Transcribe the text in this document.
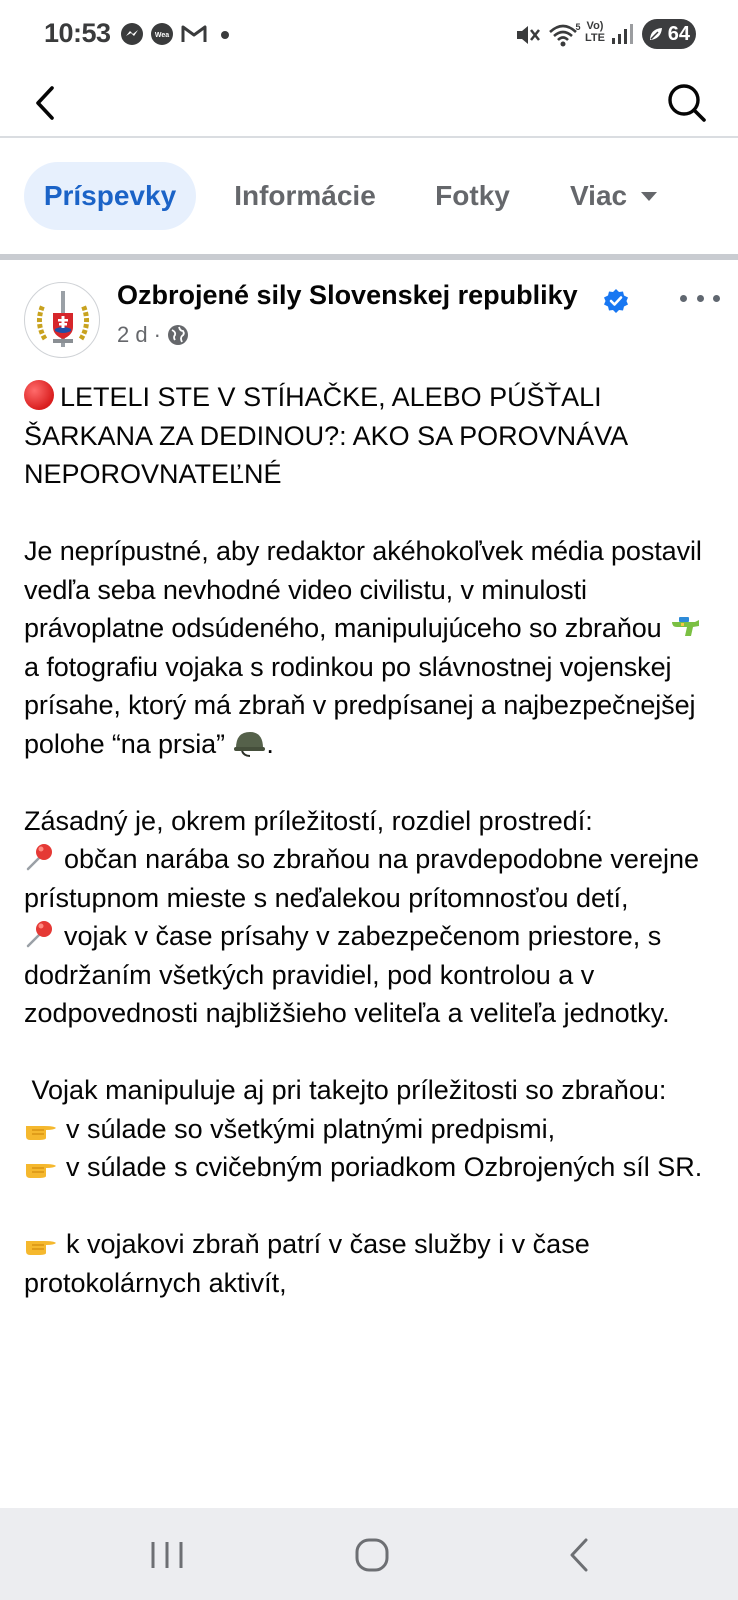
10:53	Wea
5 Vo)
LTE	64
Príspevky Informácie Fotky Viac
Ozbrojené sily Slovenskej republiky
2 d ·

LETELI STE V STÍHAČKE, ALEBO PÚŠŤALI ŠARKANA ZA DEDINOU?: AKO SA POROVNÁVA NEPOROVNATEĽNÉ

Je neprípustné, aby redaktor akéhokoľvek média postavil vedľa seba nevhodné video civilistu, v minulosti právoplatne odsúdeného, manipulujúceho so zbraňou  a fotografiu vojaka s rodinkou po slávnostnej vojenskej prísahe, ktorý má zbraň v predpísanej a najbezpečnejšej polohe “na prsia” .

Zásadný je, okrem príležitostí, rozdiel prostredí:

občan narába so zbraňou na pravdepodobne verejne prístupnom mieste s neďalekou prítomnosťou detí,

vojak v čase prísahy v zabezpečenom priestore, s dodržaním všetkých pravidiel, pod kontrolou a v zodpovednosti najbližšieho veliteľa a veliteľa jednotky.

Vojak manipuluje aj pri takejto príležitosti so zbraňou:

v súlade so všetkými platnými predpismi,

v súlade s cvičebným poriadkom Ozbrojených síl SR.

k vojakovi zbraň patrí v čase služby i v čase protokolárnych aktivít,
